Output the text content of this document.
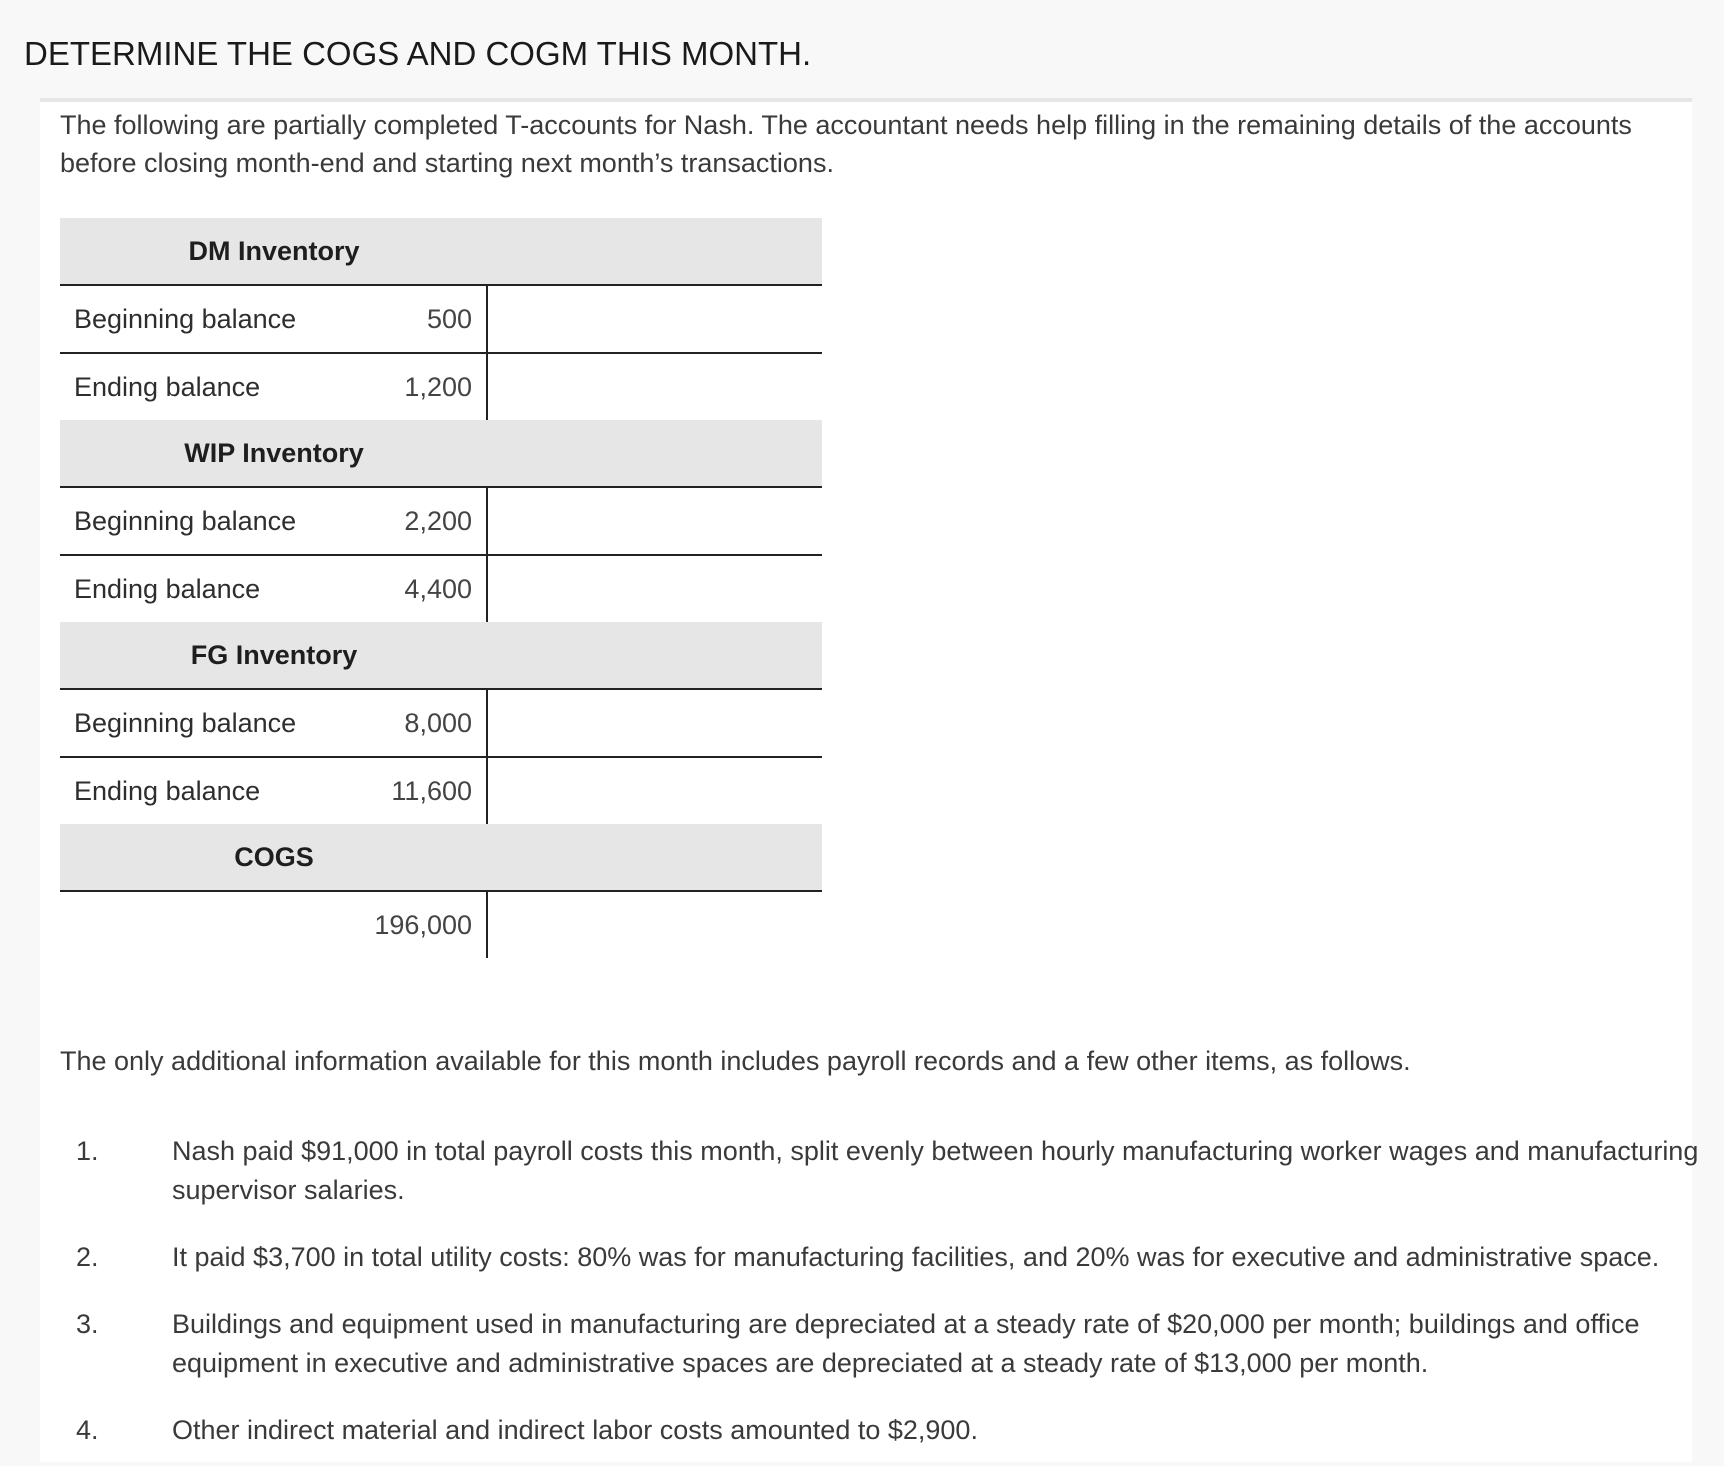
DETERMINE THE COGS AND COGM THIS MONTH.

The following are partially completed T-accounts for Nash. The accountant needs help filling in the remaining details of the accounts before closing month-end and starting next month’s transactions.

DM Inventory
Beginning balance	500
Ending balance	1,200
WIP Inventory
Beginning balance	2,200
Ending balance	4,400
FG Inventory
Beginning balance	8,000
Ending balance	11,600
COGS
196,000

The only additional information available for this month includes payroll records and a few other items, as follows.

1.	Nash paid $91,000 in total payroll costs this month, split evenly between hourly manufacturing worker wages and manufacturing supervisor salaries.
2.	It paid $3,700 in total utility costs: 80% was for manufacturing facilities, and 20% was for executive and administrative space.
3.	Buildings and equipment used in manufacturing are depreciated at a steady rate of $20,000 per month; buildings and office equipment in executive and administrative spaces are depreciated at a steady rate of $13,000 per month.
4.	Other indirect material and indirect labor costs amounted to $2,900.
